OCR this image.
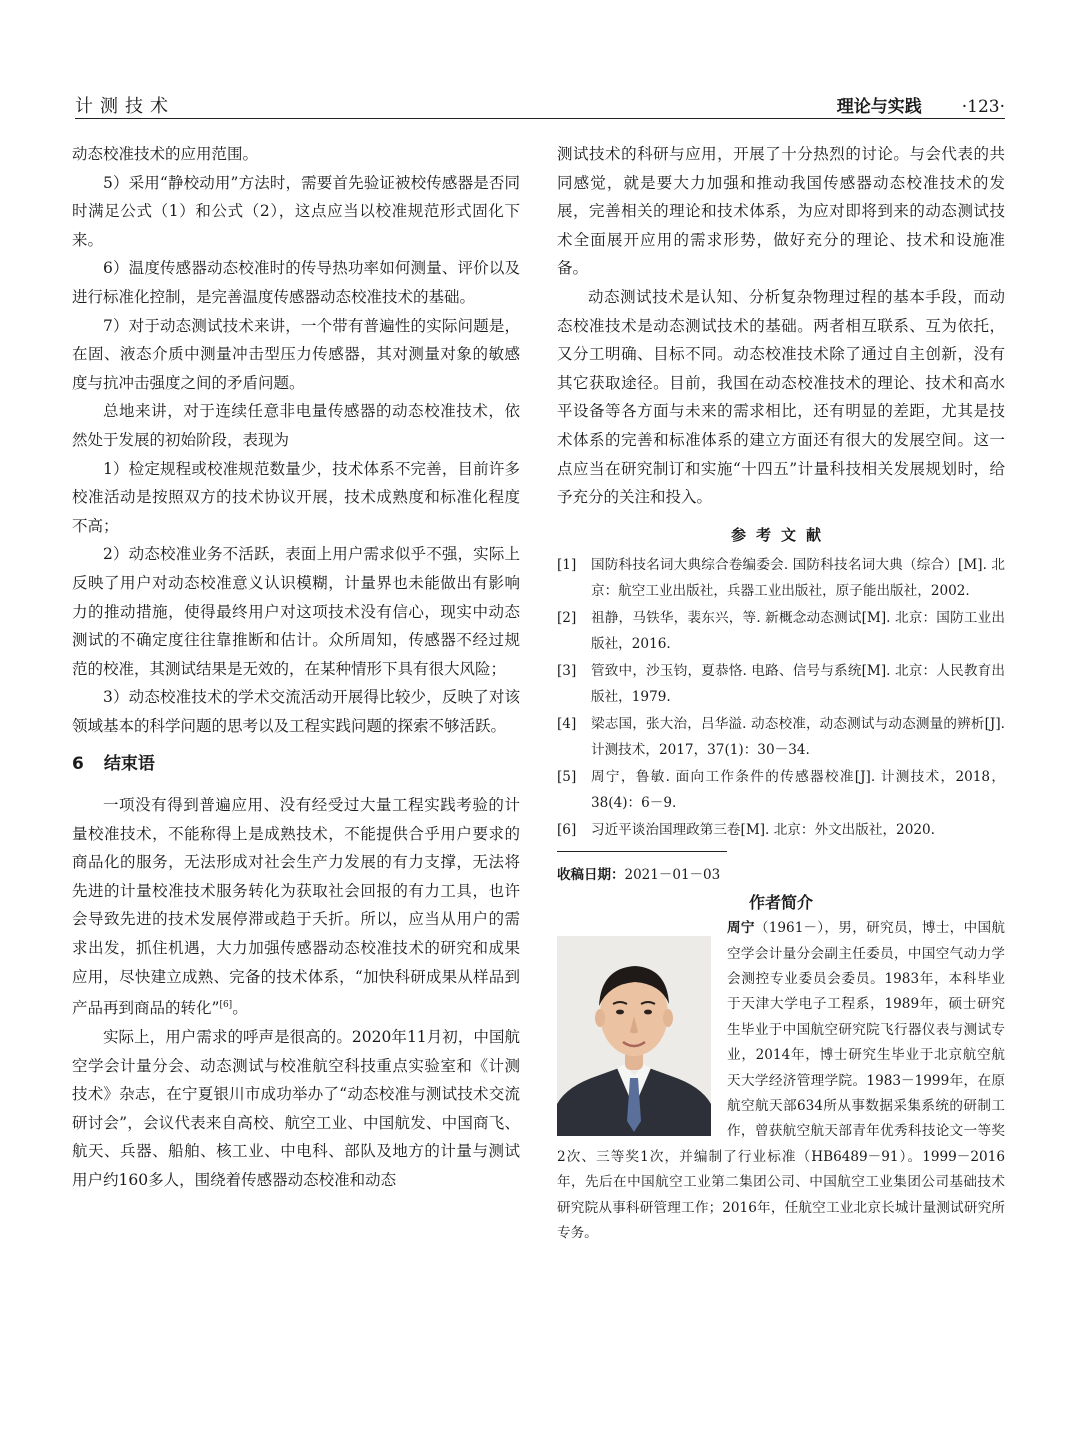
计测技术	理论与实践 ·123·

动态校准技术的应用范围。

5）采用“静校动用”方法时，需要首先验证被校传感器是否同时满足公式（1）和公式（2），这点应当以校准规范形式固化下来。

6）温度传感器动态校准时的传导热功率如何测量、评价以及进行标准化控制，是完善温度传感器动态校准技术的基础。

7）对于动态测试技术来讲，一个带有普遍性的实际问题是，在固、液态介质中测量冲击型压力传感器，其对测量对象的敏感度与抗冲击强度之间的矛盾问题。

总地来讲，对于连续任意非电量传感器的动态校准技术，依然处于发展的初始阶段，表现为

1）检定规程或校准规范数量少，技术体系不完善，目前许多校准活动是按照双方的技术协议开展，技术成熟度和标准化程度不高；

2）动态校准业务不活跃，表面上用户需求似乎不强，实际上反映了用户对动态校准意义认识模糊，计量界也未能做出有影响力的推动措施，使得最终用户对这项技术没有信心，现实中动态测试的不确定度往往靠推断和估计。众所周知，传感器不经过规范的校准，其测试结果是无效的，在某种情形下具有很大风险；

3）动态校准技术的学术交流活动开展得比较少，反映了对该领域基本的科学问题的思考以及工程实践问题的探索不够活跃。

6 结束语

一项没有得到普遍应用、没有经受过大量工程实践考验的计量校准技术，不能称得上是成熟技术，不能提供合乎用户要求的商品化的服务，无法形成对社会生产力发展的有力支撑，无法将先进的计量校准技术服务转化为获取社会回报的有力工具，也许会导致先进的技术发展停滞或趋于夭折。所以，应当从用户的需求出发，抓住机遇，大力加强传感器动态校准技术的研究和成果应用，尽快建立成熟、完备的技术体系，“加快科研成果从样品到产品再到商品的转化”[6]。

实际上，用户需求的呼声是很高的。2020年11月初，中国航空学会计量分会、动态测试与校准航空科技重点实验室和《计测技术》杂志，在宁夏银川市成功举办了“动态校准与测试技术交流研讨会”，会议代表来自高校、航空工业、中国航发、中国商飞、航天、兵器、船舶、核工业、中电科、部队及地方的计量与测试用户约160多人，围绕着传感器动态校准和动态

测试技术的科研与应用，开展了十分热烈的讨论。与会代表的共同感觉，就是要大力加强和推动我国传感器动态校准技术的发展，完善相关的理论和技术体系，为应对即将到来的动态测试技术全面展开应用的需求形势，做好充分的理论、技术和设施准备。

动态测试技术是认知、分析复杂物理过程的基本手段，而动态校准技术是动态测试技术的基础。两者相互联系、互为依托，又分工明确、目标不同。动态校准技术除了通过自主创新，没有其它获取途径。目前，我国在动态校准技术的理论、技术和高水平设备等各方面与未来的需求相比，还有明显的差距，尤其是技术体系的完善和标准体系的建立方面还有很大的发展空间。这一点应当在研究制订和实施“十四五”计量科技相关发展规划时，给予充分的关注和投入。

参考文献
[1]	国防科技名词大典综合卷编委会. 国防科技名词大典（综合）[M]. 北京：航空工业出版社，兵器工业出版社，原子能出版社，2002.
[2]	祖静，马铁华，裴东兴，等. 新概念动态测试[M]. 北京：国防工业出版社，2016.
[3]	管致中，沙玉钧，夏恭恪. 电路、信号与系统[M]. 北京：人民教育出版社，1979.
[4]	梁志国，张大治，吕华溢. 动态校准，动态测试与动态测量的辨析[J]. 计测技术，2017，37(1)：30－34.
[5]	周宁，鲁敏. 面向工作条件的传感器校准[J]. 计测技术，2018，38(4)：6－9.
[6]	习近平谈治国理政第三卷[M]. 北京：外文出版社，2020.
收稿日期：2021－01－03
作者简介
周宁（1961－），男，研究员，博士，中国航空学会计量分会副主任委员，中国空气动力学会测控专业委员会委员。1983年，本科毕业于天津大学电子工程系，1989年，硕士研究生毕业于中国航空研究院飞行器仪表与测试专业，2014年，博士研究生毕业于北京航空航天大学经济管理学院。1983－1999年，在原航空航天部634所从事数据采集系统的研制工作，曾获航空航天部青年优秀科技论文一等奖2次、三等奖1次，并编制了行业标准（HB6489－91）。1999－2016年，先后在中国航空工业第二集团公司、中国航空工业集团公司基础技术研究院从事科研管理工作；2016年，任航空工业北京长城计量测试研究所专务。
